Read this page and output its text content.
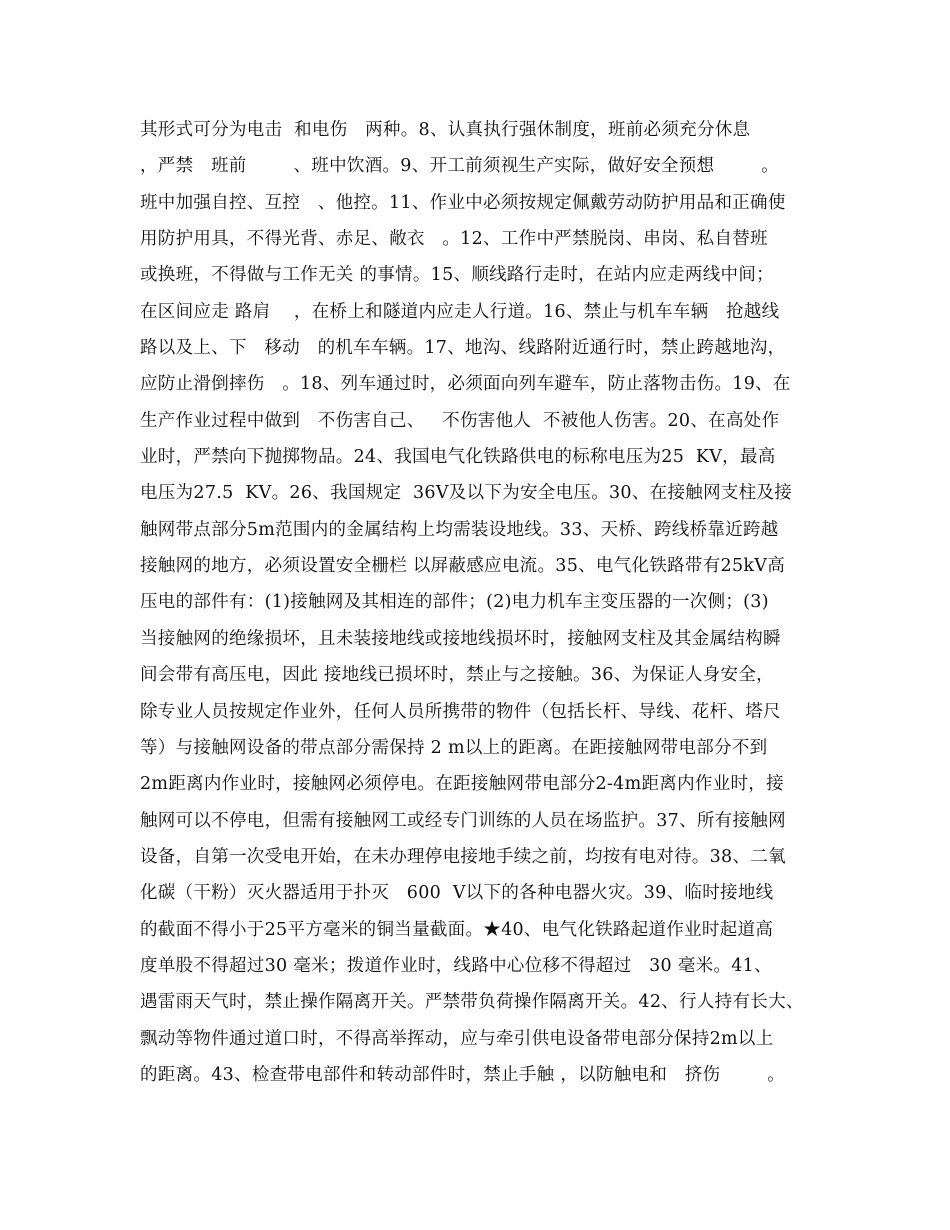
其形式可分为电击  和电伤   两种。8、认真执行强休制度，班前必须充分休息
，严禁   班前        、班中饮酒。9、开工前须视生产实际，做好安全预想        。
班中加强自控、互控   、他控。11、作业中必须按规定佩戴劳动防护用品和正确使
用防护用具，不得光背、赤足、敞衣   。12、工作中严禁脱岗、串岗、私自替班
或换班，不得做与工作无关 的事情。15、顺线路行走时，在站内应走两线中间；
在区间应走 路肩    ，在桥上和隧道内应走人行道。16、禁止与机车车辆   抢越线
路以及上、下   移动   的机车车辆。17、地沟、线路附近通行时，禁止跨越地沟，
应防止滑倒摔伤   。18、列车通过时，必须面向列车避车，防止落物击伤。19、在
生产作业过程中做到   不伤害自己、   不伤害他人  不被他人伤害。20、在高处作
业时，严禁向下抛掷物品。24、我国电气化铁路供电的标称电压为25  KV，最高
电压为27.5  KV。26、我国规定  36V及以下为安全电压。30、在接触网支柱及接
触网带点部分5m范围内的金属结构上均需装设地线。33、天桥、跨线桥靠近跨越
接触网的地方，必须设置安全栅栏 以屏蔽感应电流。35、电气化铁路带有25kV高
压电的部件有：(1)接触网及其相连的部件；(2)电力机车主变压器的一次侧；(3)
当接触网的绝缘损坏，且未装接地线或接地线损坏时，接触网支柱及其金属结构瞬
间会带有高压电，因此 接地线已损坏时，禁止与之接触。36、为保证人身安全，
除专业人员按规定作业外，任何人员所携带的物件（包括长杆、导线、花杆、塔尺
等）与接触网设备的带点部分需保持 2 m以上的距离。在距接触网带电部分不到
2m距离内作业时，接触网必须停电。在距接触网带电部分2-4m距离内作业时，接
触网可以不停电，但需有接触网工或经专门训练的人员在场监护。37、所有接触网
设备，自第一次受电开始，在未办理停电接地手续之前，均按有电对待。38、二氧
化碳（干粉）灭火器适用于扑灭   600  V以下的各种电器火灾。39、临时接地线
的截面不得小于25平方毫米的铜当量截面。★40、电气化铁路起道作业时起道高
度单股不得超过30 毫米；拨道作业时，线路中心位移不得超过   30 毫米。41、
遇雷雨天气时，禁止操作隔离开关。严禁带负荷操作隔离开关。42、行人持有长大、
飘动等物件通过道口时，不得高举挥动，应与牵引供电设备带电部分保持2m以上
的距离。43、检查带电部件和转动部件时，禁止手触 ，以防触电和   挤伤        。
